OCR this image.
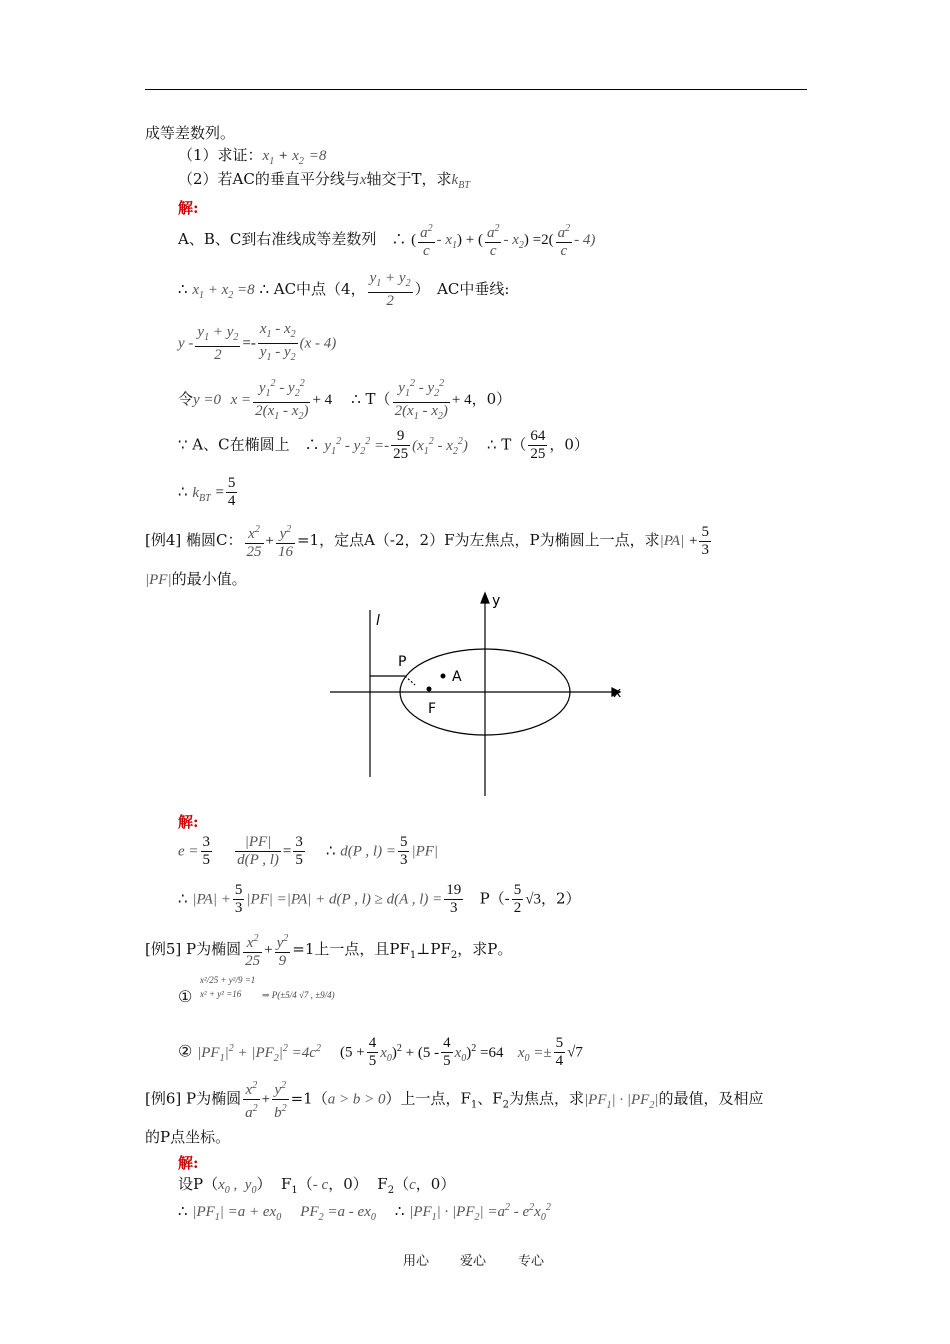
成等差数列。
（1）求证：$x_1 + x_2 =8$
（2）若AC的垂直平分线与x轴交于T，求$k_{BT}$
解:
A、B、C到右准线成等差数列　∴ ( $\frac{a^2}{c} - x_1$) + ( $\frac{a^2}{c} - x_2) =2( \frac{a^2}{c} - 4)$
∴ $x_1 + x_2 =8$ ∴ AC中点（4， $\frac{y_1 + y_2}{2}$ ）　AC中垂线:
$y - \frac{y_1 + y_2}{2} =- \frac{x_1 - x_2}{y_1 - y_2} (x - 4)$
令y =0 $x = \frac{y_1^2 - y_2^2}{2(x_1 - x_2)} + 4$ ∴ $T( \frac{y_1^2 - y_2^2}{2(x_1 - x_2)} + 4$，0）
∵ A、C在椭圆上　∴ $y_1^2 - y_2^2 =- \frac{9}{25} (x_1^2 - x_2^2)$ ∴ $T( \frac{64}{25}$ ，0）
∴ $k_{BT} = \frac{5}{4}$
[例4] 椭圆C： $\frac{x^2}{25} + \frac{y^2}{16} =1$，定点A（-2，2）F为左焦点，P为椭圆上一点，求$|PA| + \frac{5}{3}$
|PF|的最小值。
y
x
l
P
A
F
解:
$e = \frac{3}{5}$
$\frac{|PF|}{d(P , l)} = \frac{3}{5}$ ∴ d(P , $l) = \frac{5}{3} |PF|$
∴ $|PA| + \frac{5}{3} |PF| =|PA| + d(P$ , l) ≥ d(A , $l) = \frac{19}{3} P(- \frac{5}{2} √3$，2）
[例5] P为椭圆 $\frac{x^2}{25} + \frac{y^2}{9} =1$上一点，且$PF_1\perp PF_2$，求P。
①
x²/25 + y²/9 =1
x² + y² =16	⇒ P(±5/4 √7 , ±9/4)
② $|PF_1|^2 + |PF_2|^2 =4c^2$ $(5 + \frac{4}{5} x_0)^2 + (5 - \frac{4}{5} x_0)^2 =64$ $x_0 =\pm \frac{5}{4} √7$
[例6] P为椭圆 $\frac{x^2}{a^2} + \frac{y^2}{b^2} =1(a > b > 0)$上一点，$F_1$、$F_2$为焦点，求$|PF_1| \cdot |PF_2|$的最值，及相应
的P点坐标。
解:
设$P(x_0$ ,  $y_0$）  $F_1(-$ c，0）  $F_2(c$，0）
∴ $|PF_1| =a + ex_0$ $PF_2 =a - ex_0$ ∴ $|PF_1| \cdot |PF_2| =a^2 - e^2x_0^2$
用心 爱心 专心
